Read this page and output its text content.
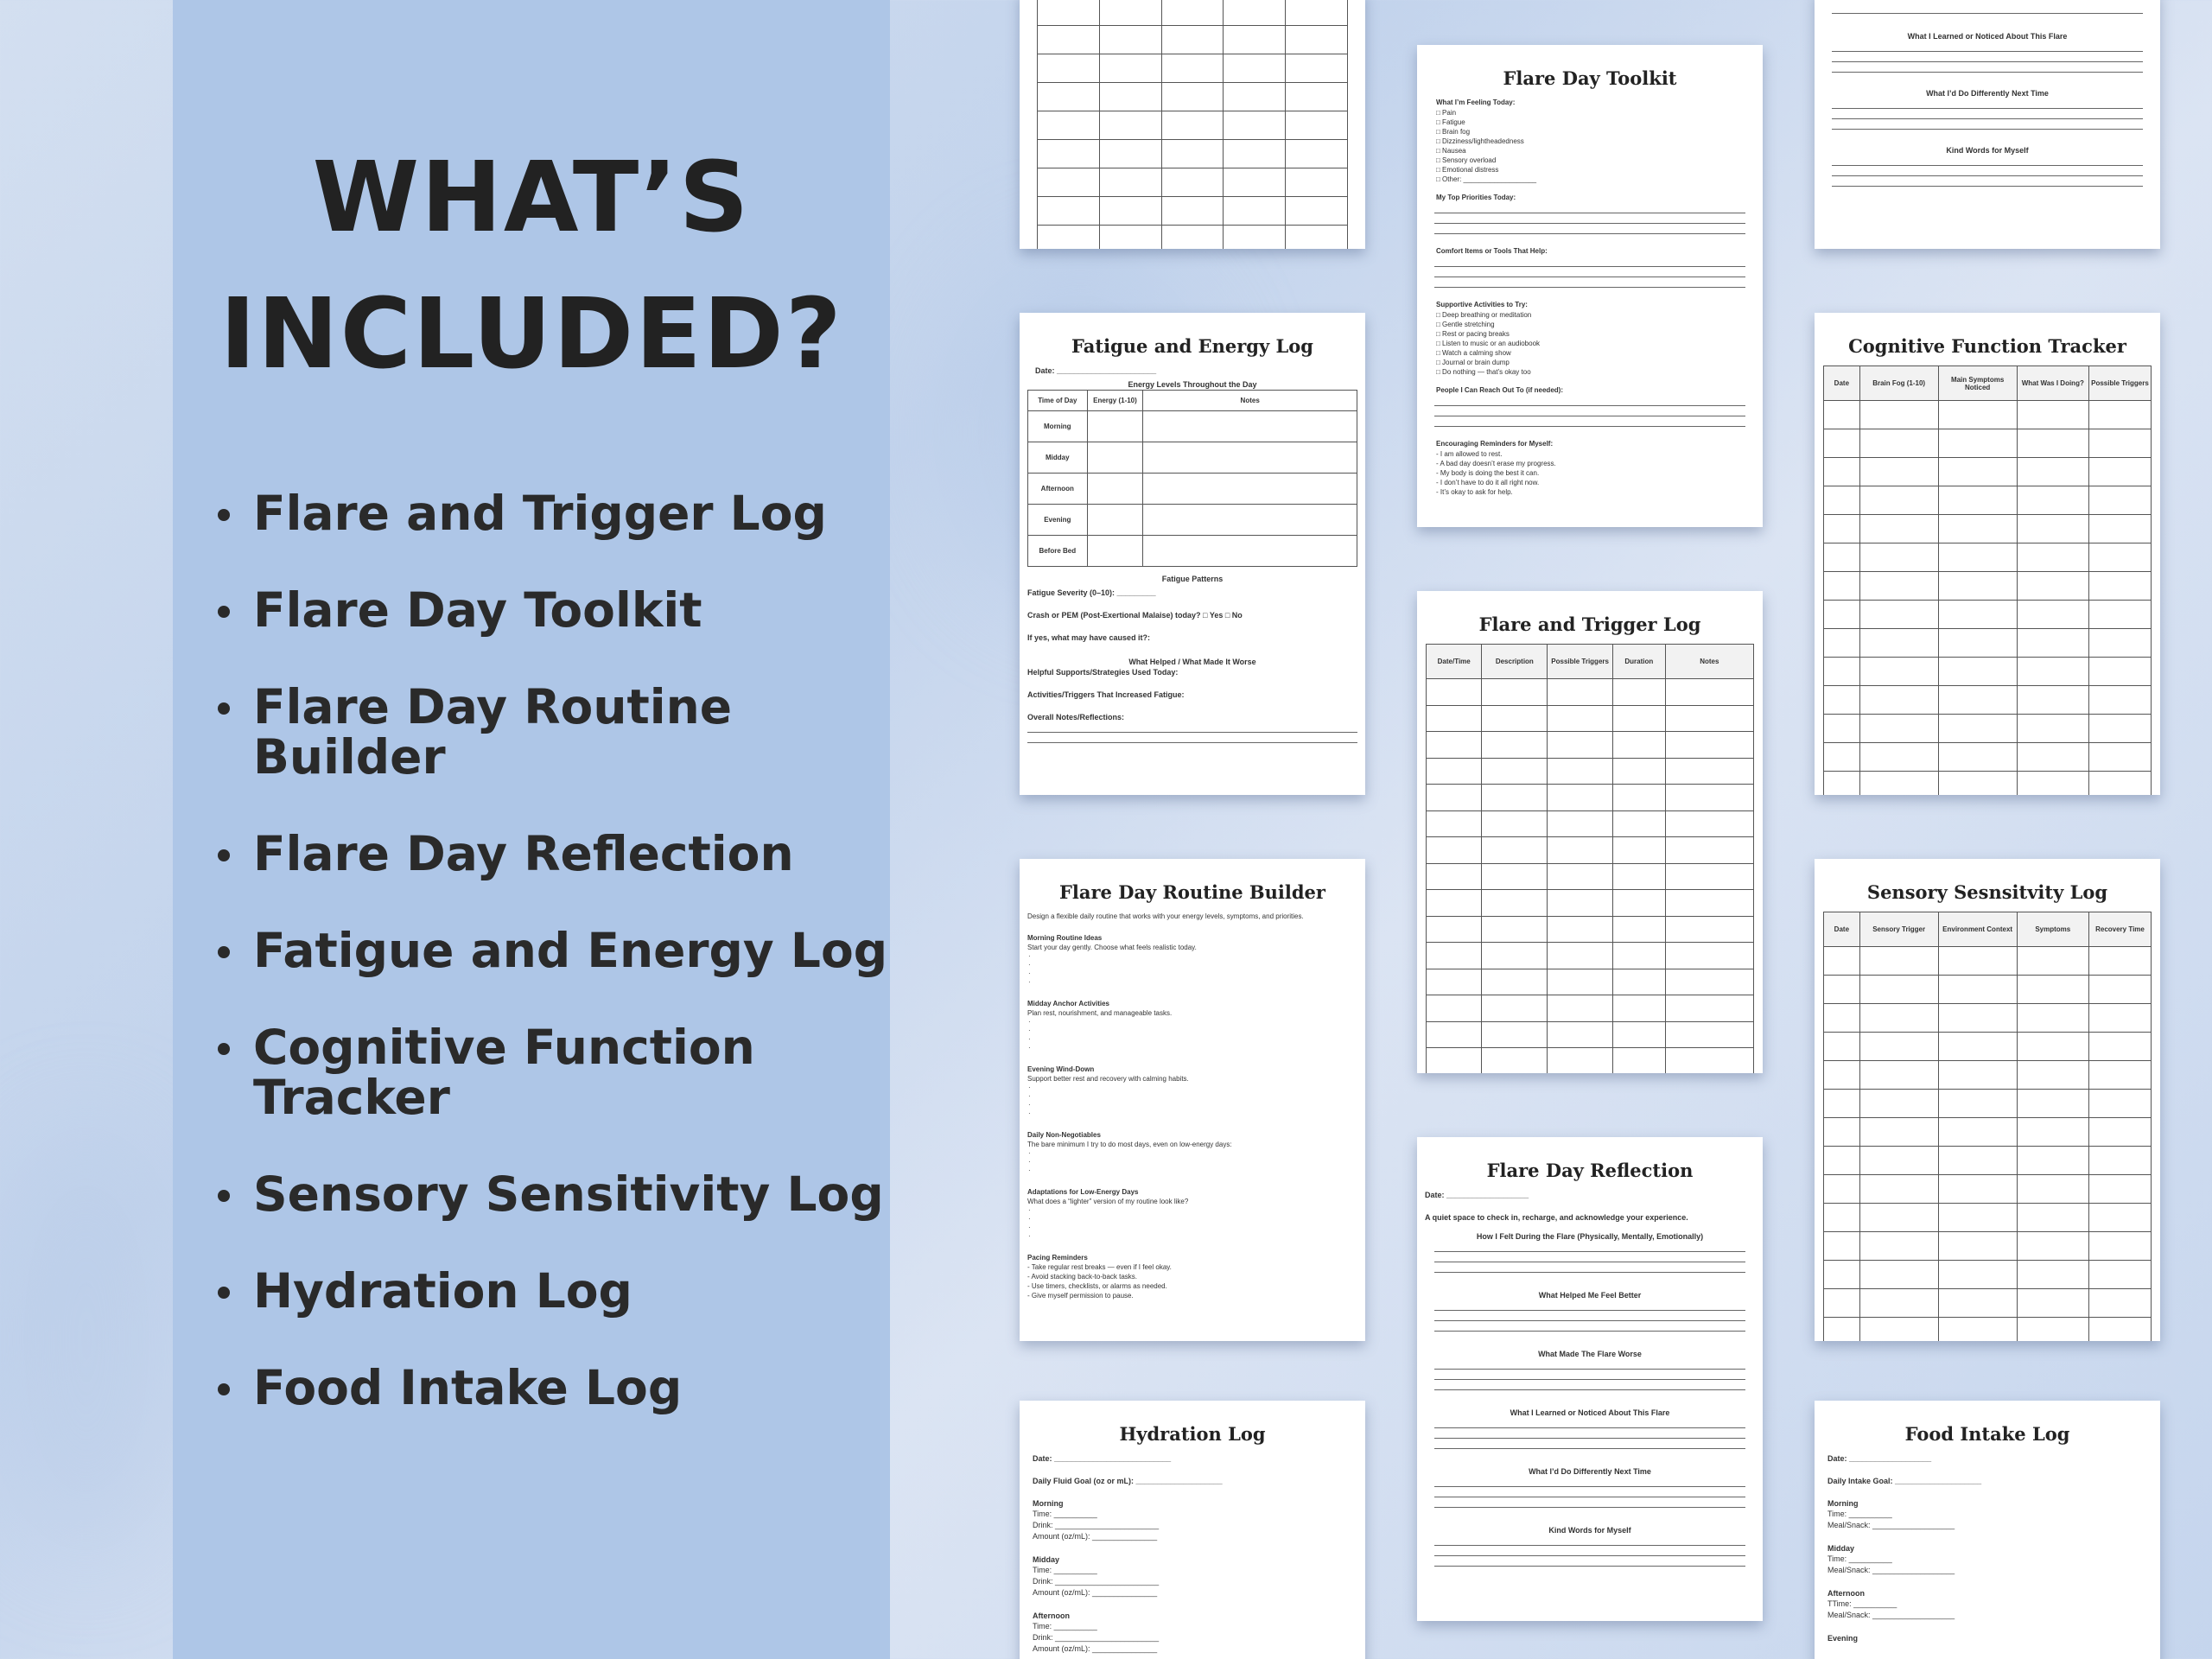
WHAT’S
INCLUDED?
Flare and Trigger Log
Flare Day Toolkit
Flare Day Routine Builder
Flare Day Reflection
Fatigue and Energy Log
Cognitive Function Tracker
Sensory Sensitivity Log
Hydration Log
Food Intake Log

Fatigue and Energy Log
Date: _______________________
Energy Levels Throughout the Day
Time of Day	Energy (1-10)	Notes
Morning		
Midday		
Afternoon		
Evening		
Before Bed		
Fatigue Patterns
Fatigue Severity (0–10): _________
Crash or PEM (Post-Exertional Malaise) today? □ Yes □ No
If yes, what may have caused it?:
What Helped / What Made It Worse
Helpful Supports/Strategies Used Today:
Activities/Triggers That Increased Fatigue:
Overall Notes/Reflections:
Flare Day Routine Builder
Design a flexible daily routine that works with your energy levels, symptoms, and priorities.
Morning Routine Ideas
Start your day gently. Choose what feels realistic today.
·
·
·
·
Midday Anchor Activities
Plan rest, nourishment, and manageable tasks.
·
·
·
·
Evening Wind-Down
Support better rest and recovery with calming habits.
·
·
·
·
Daily Non-Negotiables
The bare minimum I try to do most days, even on low-energy days:
·
·
·
Adaptations for Low-Energy Days
What does a “lighter” version of my routine look like?
·
·
·
·
Pacing Reminders
- Take regular rest breaks — even if I feel okay.
- Avoid stacking back-to-back tasks.
- Use timers, checklists, or alarms as needed.
- Give myself permission to pause.
Hydration Log
Date: ___________________________
Daily Fluid Goal (oz or mL): ____________________
Morning
Time: __________
Drink: ________________________
Amount (oz/mL): _______________
Midday
Time: __________
Drink: ________________________
Amount (oz/mL): _______________
Afternoon
Time: __________
Drink: ________________________
Amount (oz/mL): _______________
Flare Day Toolkit
What I’m Feeling Today:
□ Pain
□ Fatigue
□ Brain fog
□ Dizziness/lightheadedness
□ Nausea
□ Sensory overload
□ Emotional distress
□ Other: ___________________
My Top Priorities Today:
Comfort Items or Tools That Help:
Supportive Activities to Try:
□ Deep breathing or meditation
□ Gentle stretching
□ Rest or pacing breaks
□ Listen to music or an audiobook
□ Watch a calming show
□ Journal or brain dump
□ Do nothing — that’s okay too
People I Can Reach Out To (if needed):
Encouraging Reminders for Myself:
- I am allowed to rest.
- A bad day doesn’t erase my progress.
- My body is doing the best it can.
- I don’t have to do it all right now.
- It’s okay to ask for help.
Flare and Trigger Log
Date/Time	Description	Possible Triggers	Duration	Notes

Flare Day Reflection
Date: ___________________
A quiet space to check in, recharge, and acknowledge your experience.
How I Felt During the Flare (Physically, Mentally, Emotionally)
What Helped Me Feel Better
What Made The Flare Worse
What I Learned or Noticed About This Flare
What I’d Do Differently Next Time
Kind Words for Myself
What I Learned or Noticed About This Flare
What I’d Do Differently Next Time
Kind Words for Myself
Cognitive Function Tracker
Date	Brain Fog (1-10)	Main Symptoms Noticed	What Was I Doing?	Possible Triggers

Sensory Sesnsitvity Log
Date	Sensory Trigger	Environment Context	Symptoms	Recovery Time

Food Intake Log
Date: ___________________
Daily Intake Goal: ____________________
Morning
Time: __________
Meal/Snack: ___________________
Midday
Time: __________
Meal/Snack: ___________________
Afternoon
TTime: __________
Meal/Snack: ___________________
Evening
